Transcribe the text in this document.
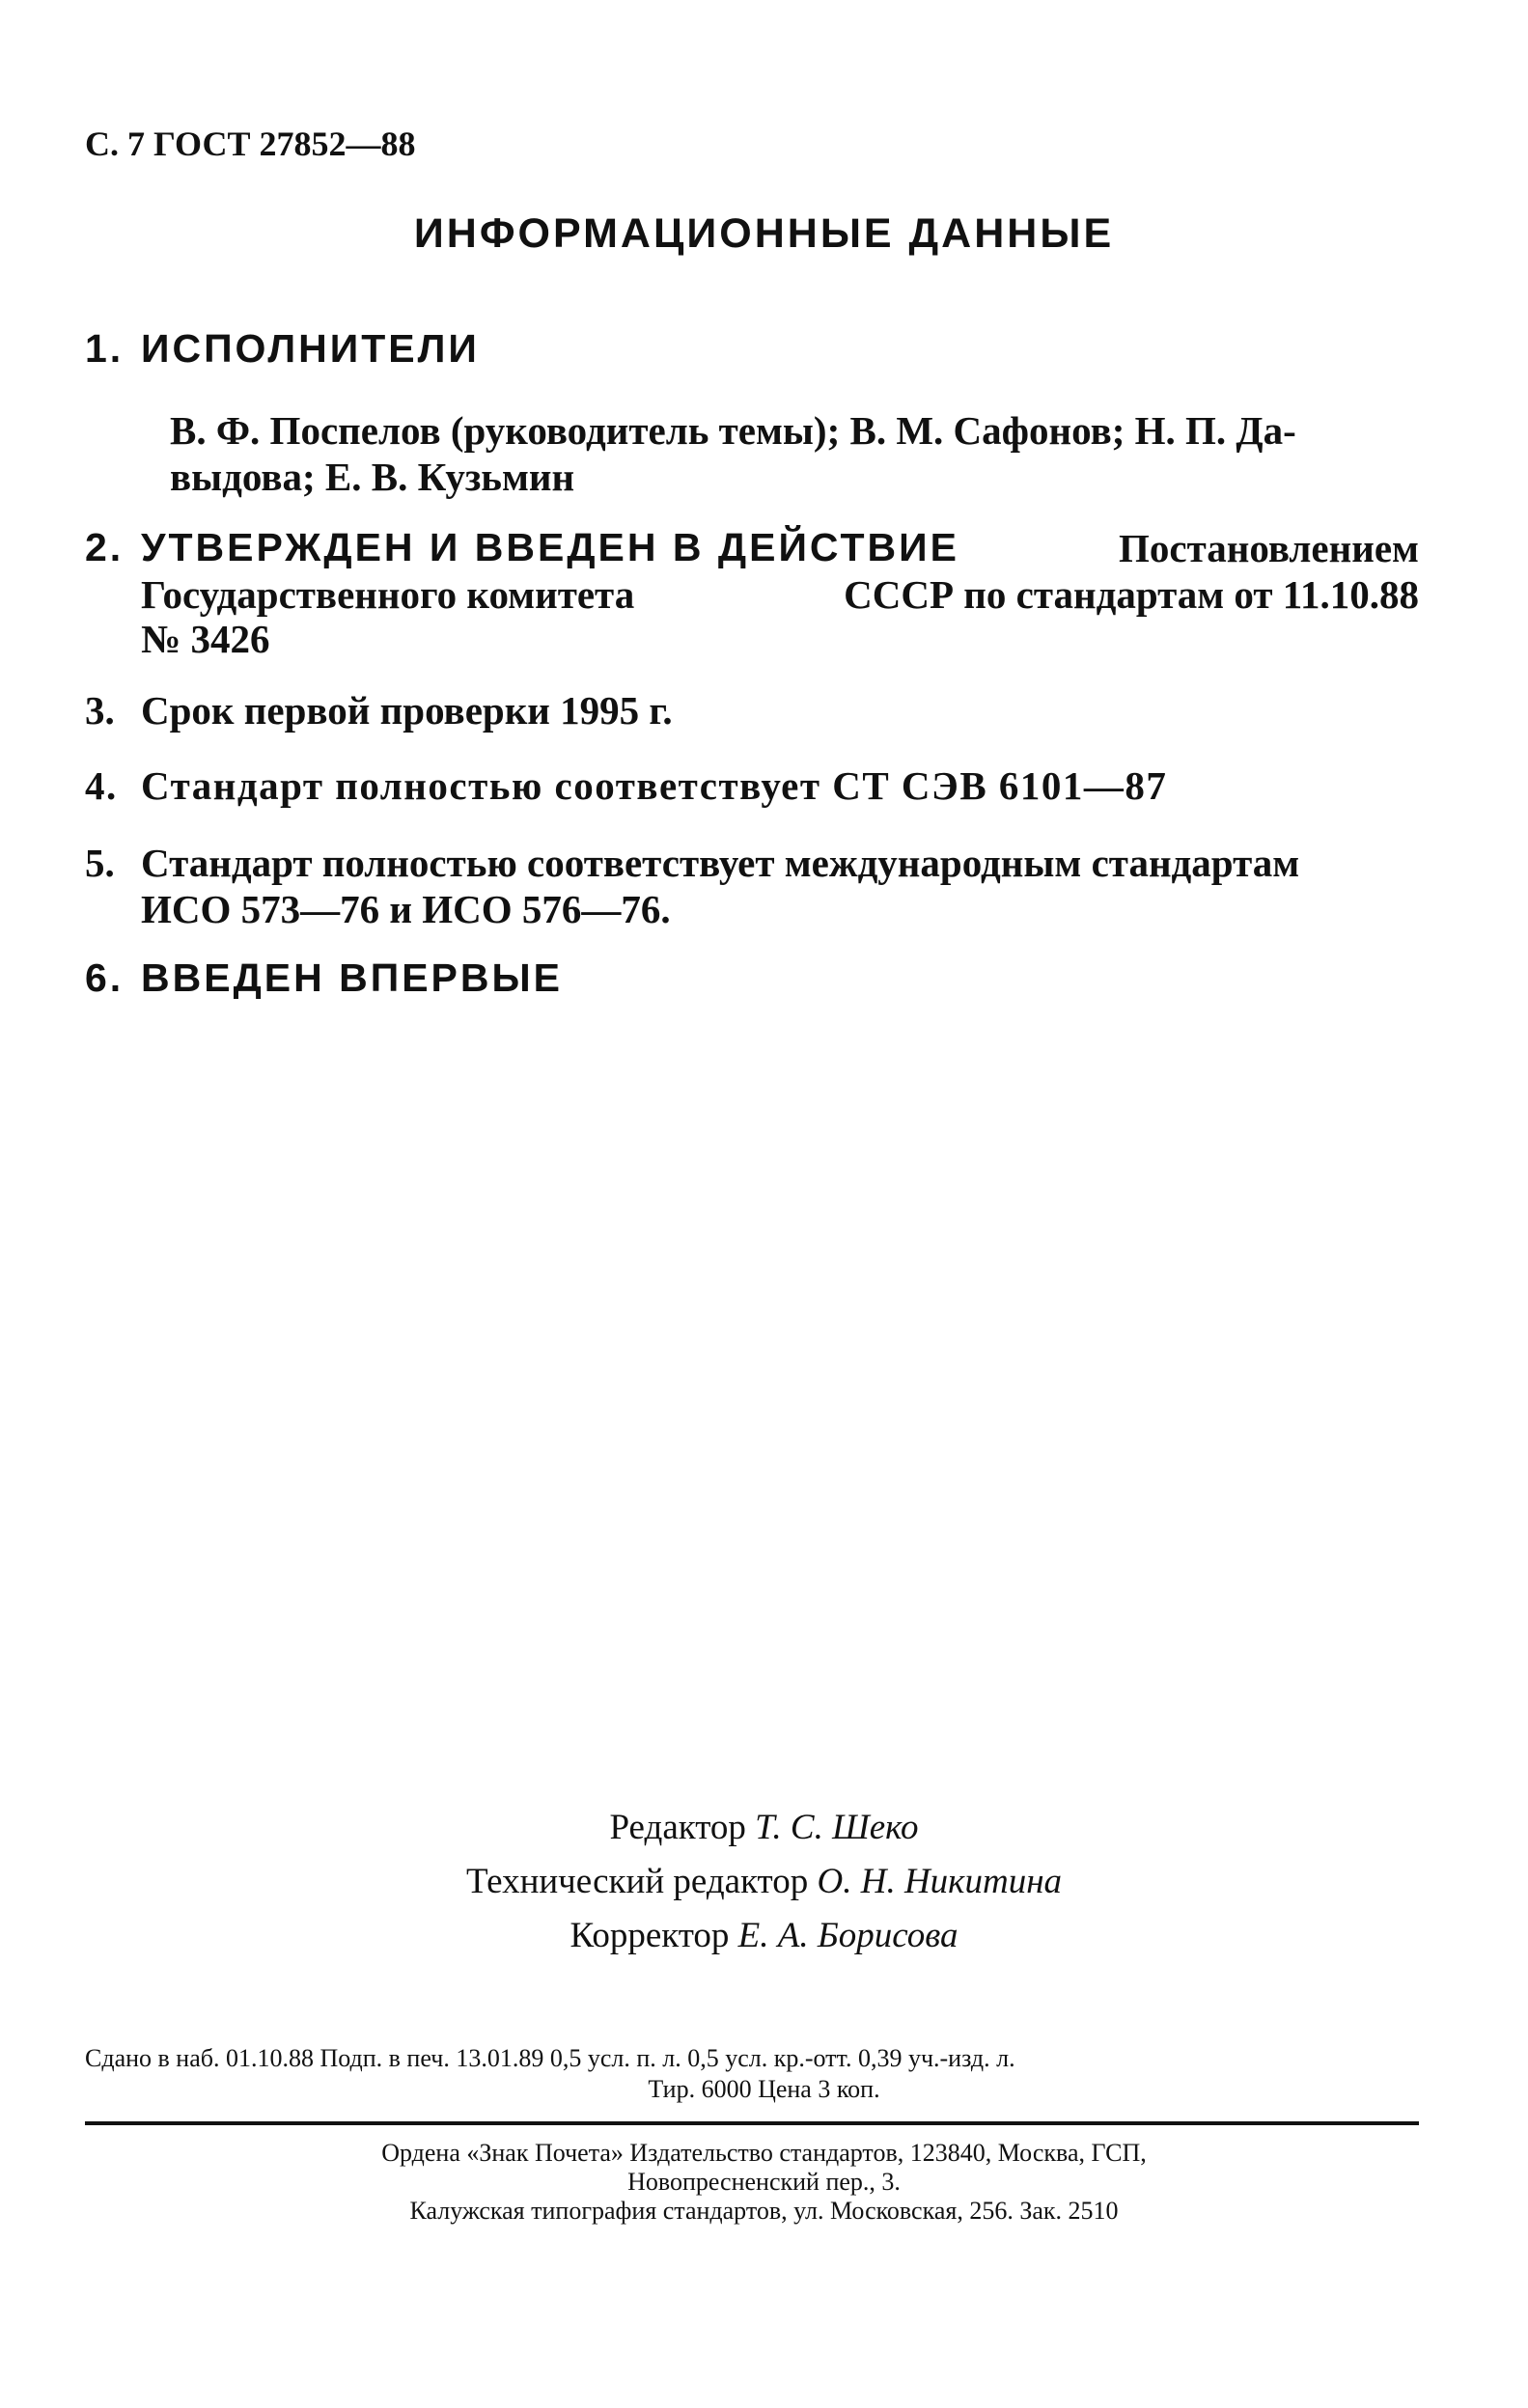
С. 7 ГОСТ 27852—88
ИНФОРМАЦИОННЫЕ ДАННЫЕ
1. ИСПОЛНИТЕЛИ
В. Ф. Поспелов (руководитель темы); В. М. Сафонов; Н. П. Да-
выдова; Е. В. Кузьмин
2. УТВЕРЖДЕН И ВВЕДЕН В ДЕЙСТВИЕ	Постановлением
Государственного комитета	СССР по стандартам от 11.10.88
№ 3426
3. Срок первой проверки 1995 г.
4. Стандарт полностью соответствует СТ СЭВ 6101—87
5. Стандарт полностью соответствует международным стандартам
ИСО 573—76 и ИСО 576—76.
6. ВВЕДЕН ВПЕРВЫЕ
Редактор Т. С. Шеко
Технический редактор О. Н. Никитина
Корректор Е. А. Борисова
Сдано в наб. 01.10.88 Подп. в печ. 13.01.89 0,5 усл. п. л. 0,5 усл. кр.-отт. 0,39 уч.-изд. л.
Тир. 6000 Цена 3 коп.
Ордена «Знак Почета» Издательство стандартов, 123840, Москва, ГСП,
Новопресненский пер., 3.
Калужская типография стандартов, ул. Московская, 256. Зак. 2510
